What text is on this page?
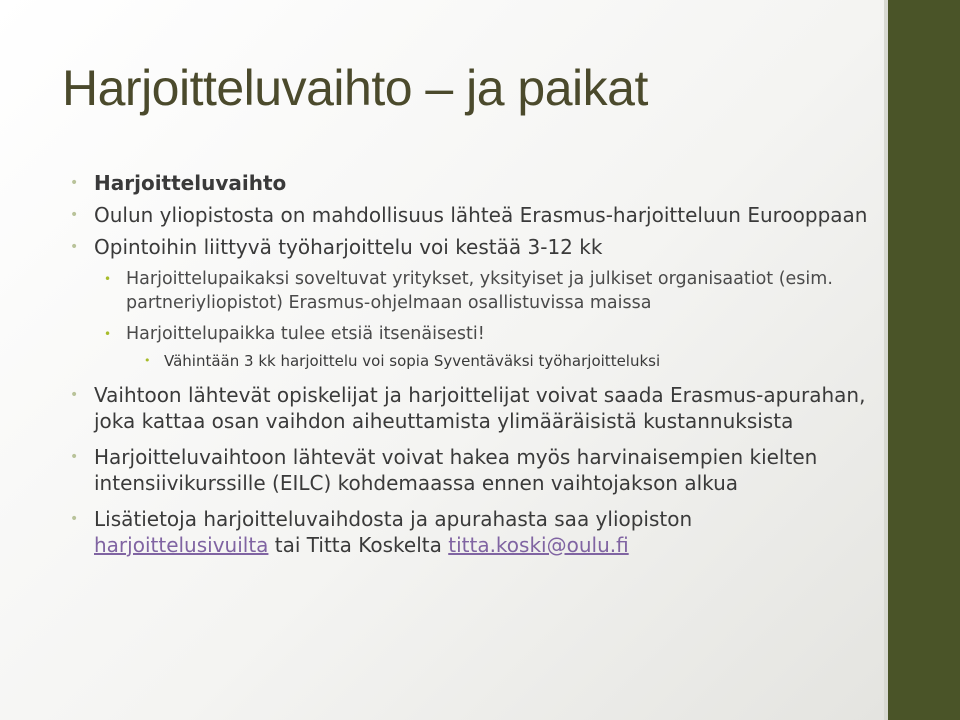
Harjoitteluvaihto – ja paikat
• Harjoitteluvaihto
• Oulun yliopistosta on mahdollisuus lähteä Erasmus-harjoitteluun Eurooppaan
• Opintoihin liittyvä työharjoittelu voi kestää 3-12 kk
• Harjoittelupaikaksi soveltuvat yritykset, yksityiset ja julkiset organisaatiot (esim. partneriyliopistot) Erasmus-ohjelmaan osallistuvissa maissa
• Harjoittelupaikka tulee etsiä itsenäisesti!
• Vähintään 3 kk harjoittelu voi sopia Syventäväksi työharjoitteluksi
• Vaihtoon lähtevät opiskelijat ja harjoittelijat voivat saada Erasmus-apurahan, joka kattaa osan vaihdon aiheuttamista ylimääräisistä kustannuksista
• Harjoitteluvaihtoon lähtevät voivat hakea myös harvinaisempien kielten intensiivikurssille (EILC) kohdemaassa ennen vaihtojakson alkua
• Lisätietoja harjoitteluvaihdosta ja apurahasta saa yliopiston harjoittelusivuilta tai Titta Koskelta titta.koski@oulu.fi
